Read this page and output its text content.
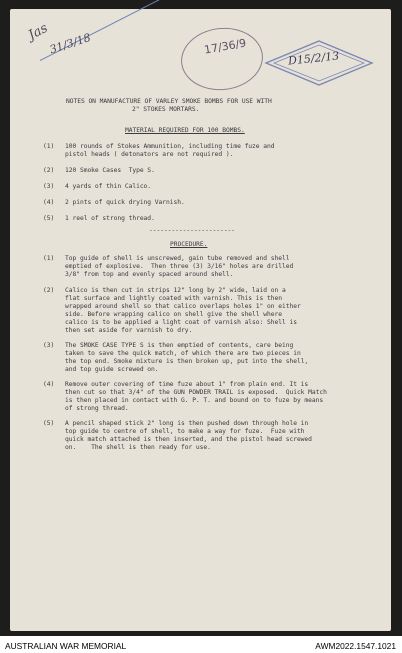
Jas
31/3/18	17/36/9
D15/2/13
NOTES ON MANUFACTURE OF VARLEY SMOKE BOMBS FOR USE WITH
2" STOKES MORTARS.
MATERIAL REQUIRED FOR 100 BOMBS.
(1) 100 rounds of Stokes Ammunition, including time fuze and
pistol heads ( detonators are not required ).
(2) 120 Smoke Cases  Type S.
(3) 4 yards of thin Calico.
(4) 2 pints of quick drying Varnish.
(5) 1 reel of strong thread.
-----------------------
PROCEDURE.
(1) Top guide of shell is unscrewed, gain tube removed and shell
emptied of explosive.  Then three (3) 3/16" holes are drilled
3/8" from top and evenly spaced around shell.
(2) Calico is then cut in strips 12" long by 2" wide, laid on a
flat surface and lightly coated with varnish. This is then
wrapped around shell so that calico overlaps holes 1" on either
side. Before wrapping calico on shell give the shell where
calico is to be applied a light coat of varnish also: Shell is
then set aside for varnish to dry.
(3) The SMOKE CASE TYPE S is then emptied of contents, care being
taken to save the quick match, of which there are two pieces in
the top end. Smoke mixture is then broken up, put into the shell,
and top guide screwed on.
(4) Remove outer covering of time fuze about 1" from plain end. It is
then cut so that 3/4" of the GUN POWDER TRAIL is exposed.  Quick Match
is then placed in contact with G. P. T. and bound on to fuze by means
of strong thread.
(5) A pencil shaped stick 2" long is then pushed down through hole in
top guide to centre of shell, to make a way for fuze.  Fuze with
quick match attached is then inserted, and the pistol head screwed
on.    The shell is then ready for use.
AUSTRALIAN WAR MEMORIAL	AWM2022.1547.1021
